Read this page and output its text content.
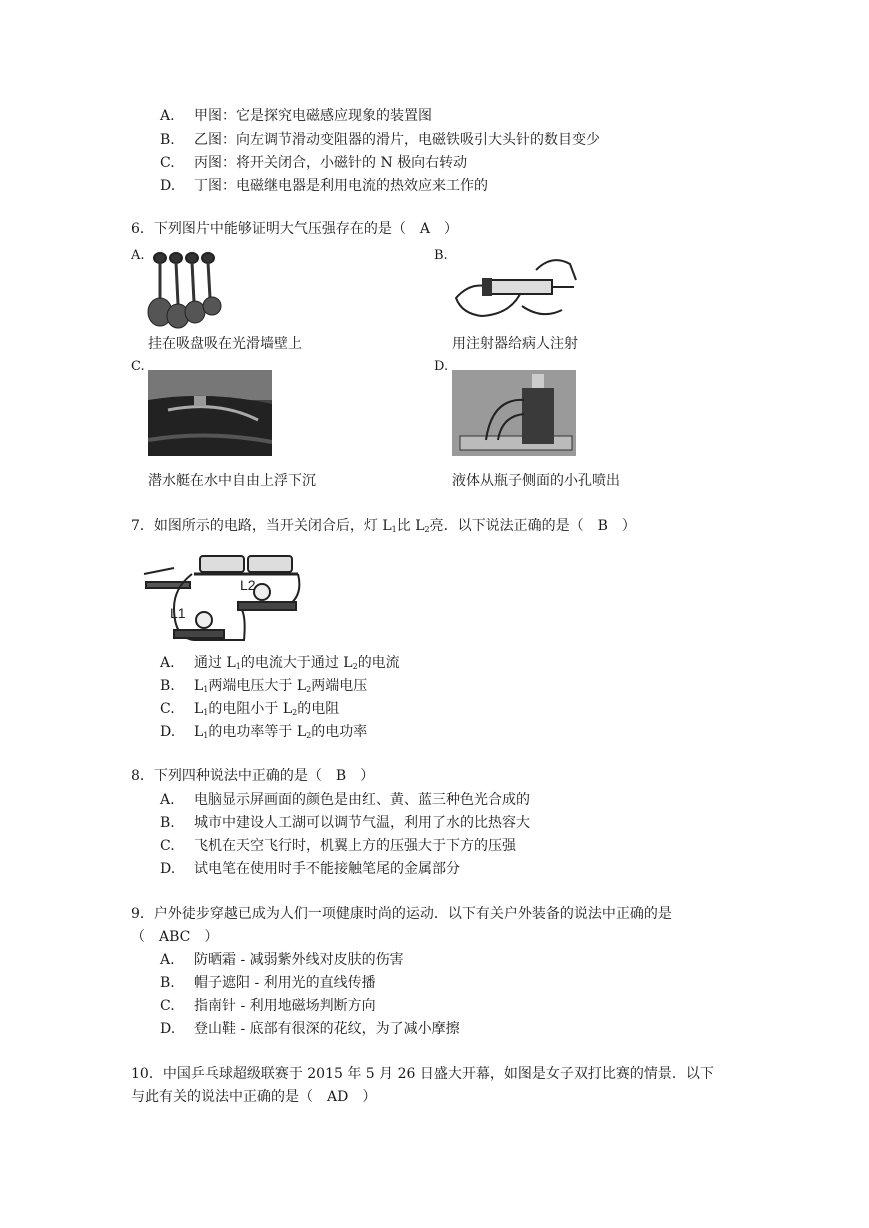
A. 甲图：它是探究电磁感应现象的装置图
B. 乙图：向左调节滑动变阻器的滑片，电磁铁吸引大头针的数目变少
C. 丙图：将开关闭合，小磁针的 N 极向右转动
D. 丁图：电磁继电器是利用电流的热效应来工作的
6．下列图片中能够证明大气压强存在的是（　A　）
A.
挂在吸盘吸在光滑墙壁上
B.
用注射器给病人注射
C.
潜水艇在水中自由上浮下沉
D.
液体从瓶子侧面的小孔喷出
7．如图所示的电路，当开关闭合后，灯 $L_1$比 $L_2$亮．以下说法正确的是（　B　）
L1
L2
A. 通过 $L_1$的电流大于通过 $L_2$的电流
B. $L_1$两端电压大于 $L_2$两端电压
C. $L_1$的电阻小于 $L_2$的电阻
D. $L_1$的电功率等于 $L_2$的电功率
8．下列四种说法中正确的是（　B　）
A. 电脑显示屏画面的颜色是由红、黄、蓝三种色光合成的
B. 城市中建设人工湖可以调节气温，利用了水的比热容大
C. 飞机在天空飞行时，机翼上方的压强大于下方的压强
D. 试电笔在使用时手不能接触笔尾的金属部分
9．户外徒步穿越已成为人们一项健康时尚的运动．以下有关户外装备的说法中正确的是
（　ABC　）
A. 防晒霜 - 减弱紫外线对皮肤的伤害
B. 帽子遮阳 - 利用光的直线传播
C. 指南针 - 利用地磁场判断方向
D. 登山鞋 - 底部有很深的花纹，为了减小摩擦
10．中国乒乓球超级联赛于 2015 年 5 月 26 日盛大开幕，如图是女子双打比赛的情景．以下
与此有关的说法中正确的是（　AD　）
